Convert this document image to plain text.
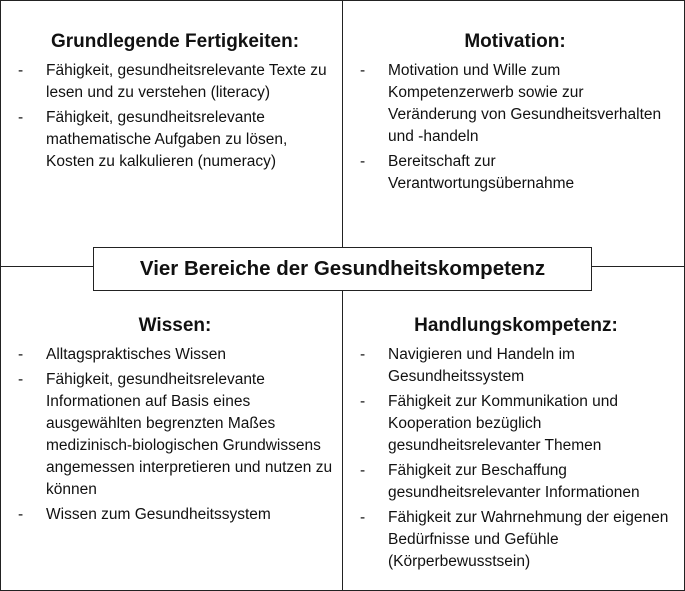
Grundlegende Fertigkeiten:
- Fähigkeit, gesundheitsrelevante Texte zu lesen und zu verstehen (literacy)
- Fähigkeit, gesundheitsrelevante mathematische Aufgaben zu lösen, Kosten zu kalkulieren (numeracy)
Motivation:
- Motivation und Wille zum Kompetenzerwerb sowie zur Veränderung von Gesundheitsverhalten und -handeln
- Bereitschaft zur Verantwortungsübernahme
Wissen:
- Alltagspraktisches Wissen
- Fähigkeit, gesundheitsrelevante Informationen auf Basis eines ausgewählten begrenzten Maßes medizinisch-biologischen Grundwissens angemessen interpretieren und nutzen zu können
- Wissen zum Gesundheitssystem
Handlungskompetenz:
- Navigieren und Handeln im Gesundheitssystem
- Fähigkeit zur Kommunikation und Kooperation bezüglich gesundheitsrelevanter Themen
- Fähigkeit zur Beschaffung gesundheitsrelevanter Informationen
- Fähigkeit zur Wahrnehmung der eigenen Bedürfnisse und Gefühle (Körperbewusstsein)
Vier Bereiche der Gesundheitskompetenz
